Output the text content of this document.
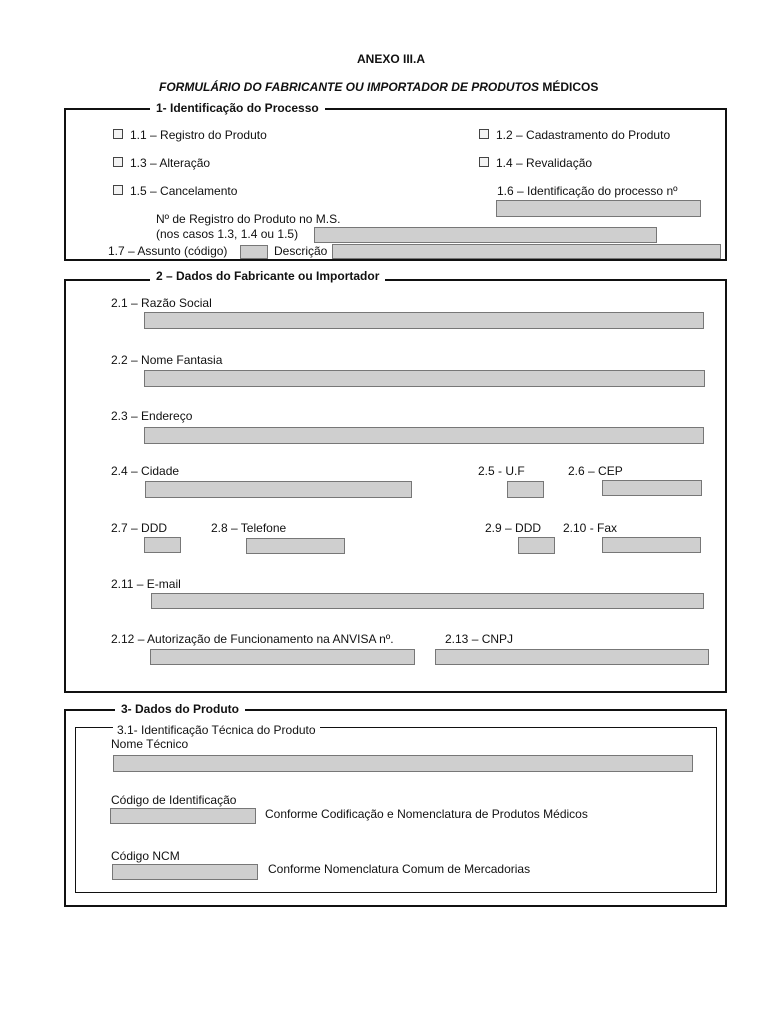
ANEXO III.A
FORMULÁRIO DO FABRICANTE OU IMPORTADOR DE PRODUTOS MÉDICOS
1- Identificação do Processo
1.1 – Registro do Produto	1.2 – Cadastramento do Produto
1.3 – Alteração	1.4 – Revalidação
1.5 – Cancelamento	1.6 – Identificação do processo nº
Nº de Registro do Produto no M.S.
(nos casos 1.3, 1.4 ou 1.5)
1.7 – Assunto (código)	Descrição
2 – Dados do Fabricante ou Importador
2.1 – Razão Social
2.2 – Nome Fantasia
2.3 – Endereço
2.4 – Cidade	2.5 - U.F	2.6 – CEP
2.7 – DDD	2.8 – Telefone	2.9 – DDD 2.10 - Fax
2.11 – E-mail
2.12 – Autorização de Funcionamento na ANVISA nº.	2.13 – CNPJ
3- Dados do Produto
3.1- Identificação Técnica do Produto
Nome Técnico
Código de Identificação
Conforme Codificação e Nomenclatura de Produtos Médicos
Código NCM
Conforme Nomenclatura Comum de Mercadorias
